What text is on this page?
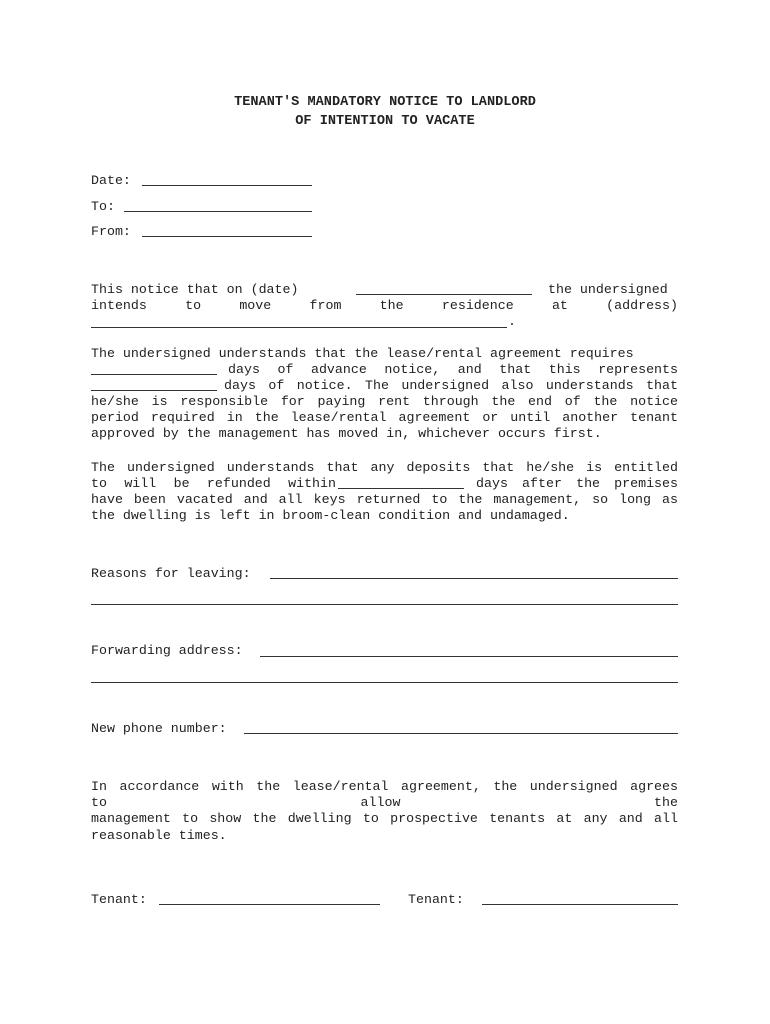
TENANT'S MANDATORY NOTICE TO LANDLORD
OF INTENTION TO VACATE
Date:
To:
From:
This notice that on (date)	the undersigned
intends to move from the residence at (address)
.
The undersigned understands that the lease/rental agreement requires
days of advance notice, and that this represents
days of notice. The undersigned also understands that
he/she is responsible for paying rent through the end of the notice
period required in the lease/rental agreement or until another tenant
approved by the management has moved in, whichever occurs first.
The undersigned understands that any deposits that he/she is entitled
to will be refunded within	days after the premises
have been vacated and all keys returned to the management, so long as
the dwelling is left in broom-clean condition and undamaged.
Reasons for leaving:
Forwarding address:
New phone number:
In accordance with the lease/rental agreement, the undersigned agrees
to	allow	the
management to show the dwelling to prospective tenants at any and all
reasonable times.
Tenant:	Tenant:
